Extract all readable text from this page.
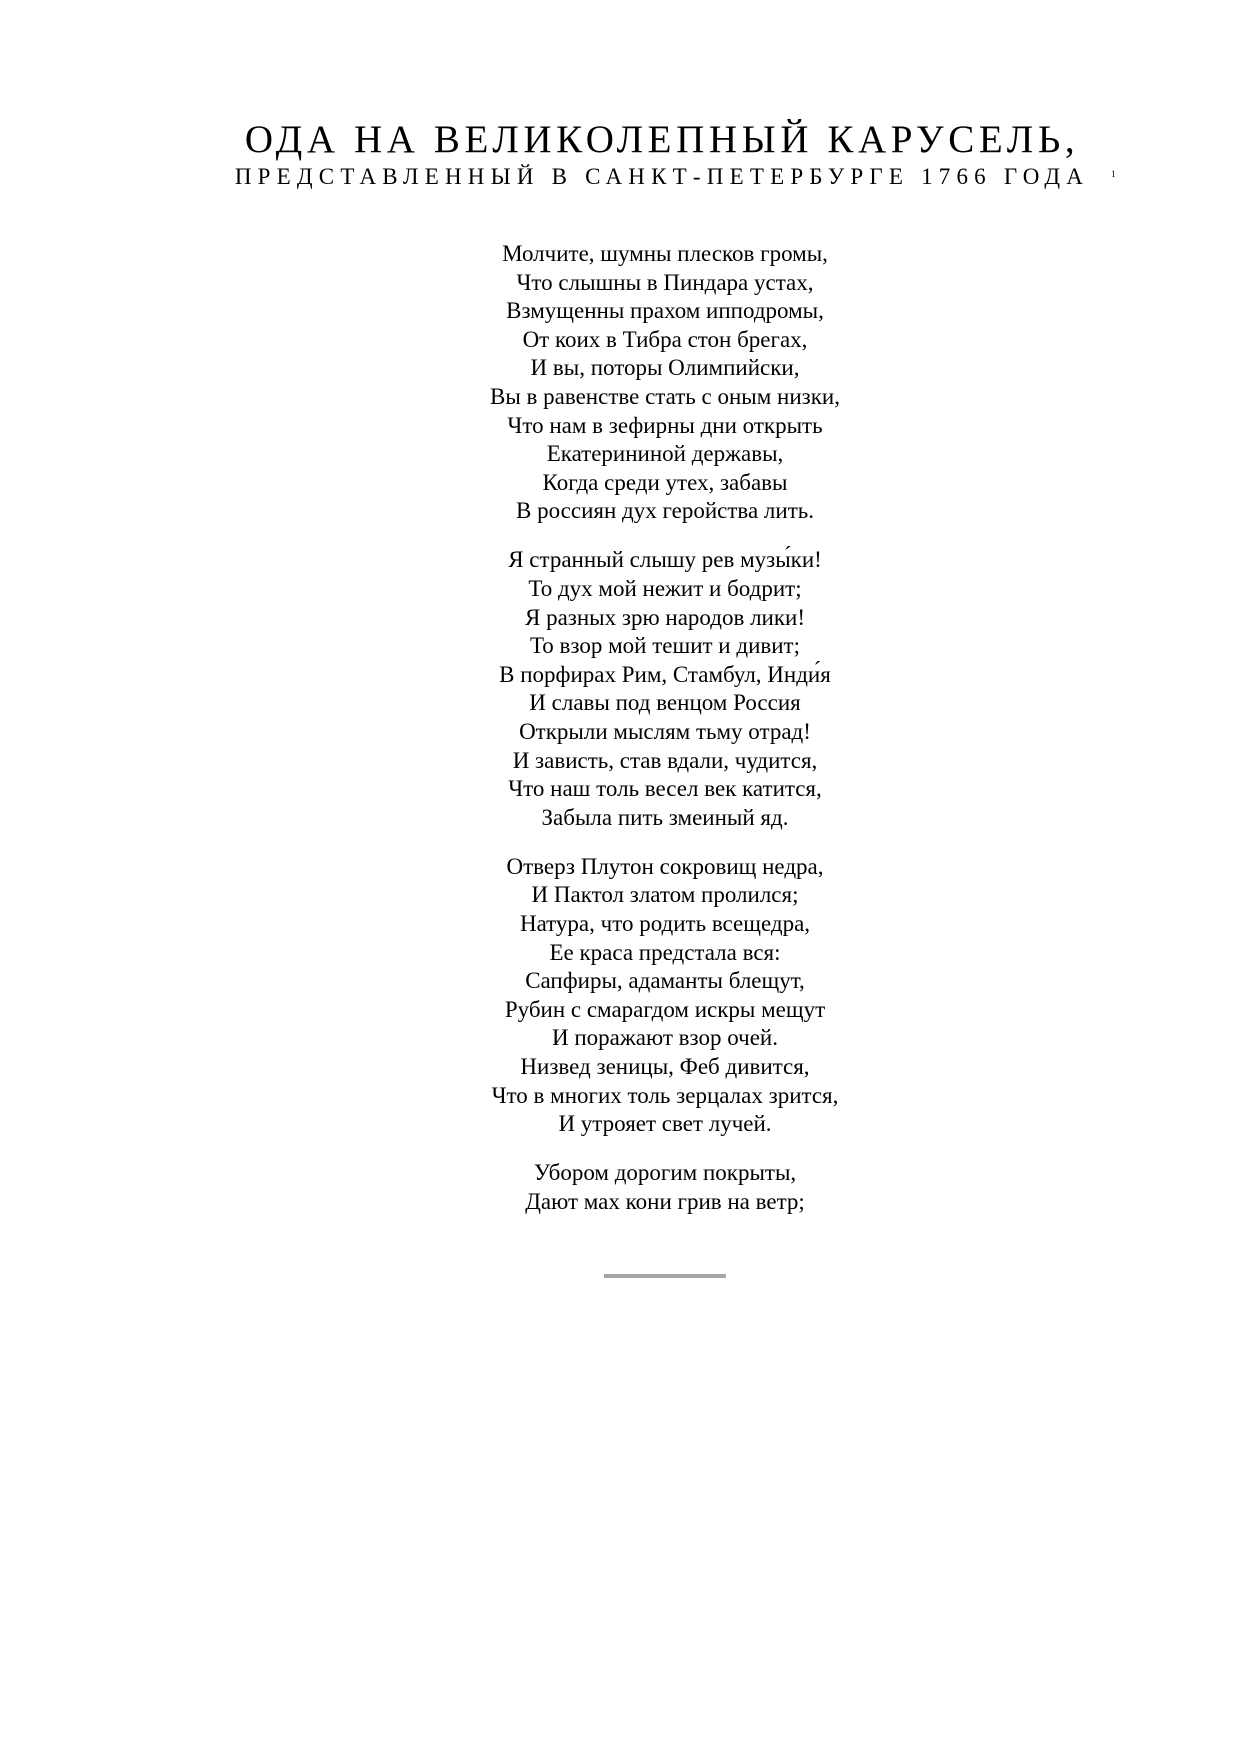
ОДА НА ВЕЛИКОЛЕПНЫЙ КАРУСЕЛЬ,
ПРЕДСТАВЛЕННЫЙ В САНКТ-ПЕТЕРБУРГЕ 1766 ГОДА	1
Молчите, шумны плесков громы,
Что слышны в Пиндара устах,
Взмущенны прахом ипподромы,
От коих в Тибра стон брегах,
И вы, поторы Олимпийски,
Вы в равенстве стать с оным низки,
Что нам в зефирны дни открыть
Екатерининой державы,
Когда среди утех, забавы
В россиян дух геройства лить.
Я странный слышу рев музы́ки!
То дух мой нежит и бодрит;
Я разных зрю народов лики!
То взор мой тешит и дивит;
В порфирах Рим, Стамбул, Инди́я
И славы под венцом Россия
Открыли мыслям тьму отрад!
И зависть, став вдали, чудится,
Что наш толь весел век катится,
Забыла пить змеиный яд.
Отверз Плутон сокровищ недра,
И Пактол златом пролился;
Натура, что родить всещедра,
Ее краса предстала вся:
Сапфиры, адаманты блещут,
Рубин с смарагдом искры мещут
И поражают взор очей.
Низвед зеницы, Феб дивится,
Что в многих толь зерцалах зрится,
И утрояет свет лучей.
Убором дорогим покрыты,
Дают мах кони грив на ветр;
